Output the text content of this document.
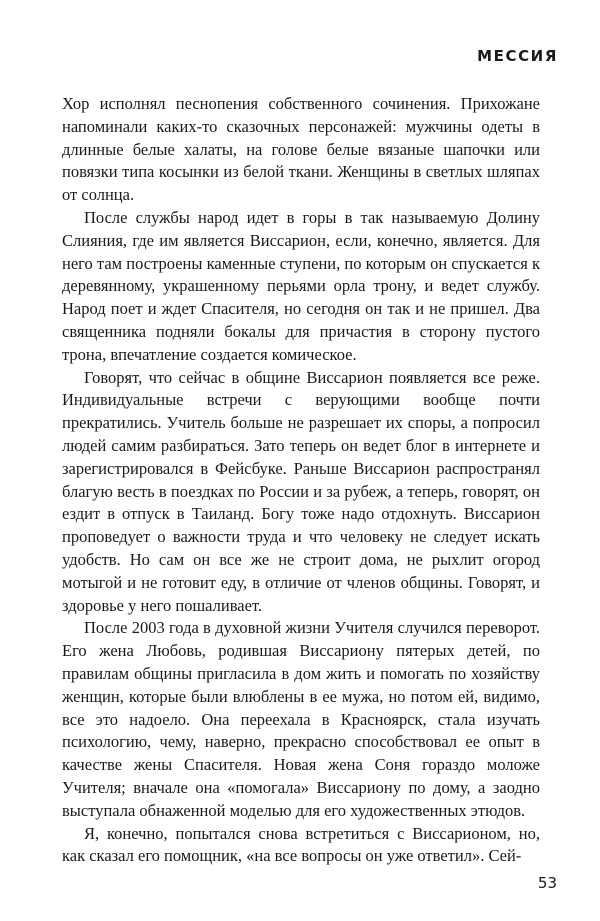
МЕССИЯ

Хор исполнял песнопения собственного сочинения. Прихожане напоминали каких-то сказочных персонажей: мужчины одеты в длинные белые халаты, на голове белые вязаные шапочки или повязки типа косынки из белой ткани. Женщины в светлых шляпах от солнца.

После службы народ идет в горы в так называемую Долину Слияния, где им является Виссарион, если, конечно, является. Для него там построены каменные ступени, по которым он спускается к деревянному, украшенному перьями орла трону, и ведет службу. Народ поет и ждет Спасителя, но сегодня он так и не пришел. Два священника подняли бокалы для причастия в сторону пустого трона, впечатление создается комическое.

Говорят, что сейчас в общине Виссарион появляется все реже. Индивидуальные встречи с верующими вообще почти прекратились. Учитель больше не разрешает их споры, а попросил людей самим разбираться. Зато теперь он ведет блог в интернете и зарегистрировался в Фейсбуке. Раньше Виссарион распространял благую весть в поездках по России и за рубеж, а теперь, говорят, он ездит в отпуск в Таиланд. Богу тоже надо отдохнуть. Виссарион проповедует о важности труда и что человеку не следует искать удобств. Но сам он все же не строит дома, не рыхлит огород мотыгой и не готовит еду, в отличие от членов общины. Говорят, и здоровье у него пошаливает.

После 2003 года в духовной жизни Учителя случился переворот. Его жена Любовь, родившая Виссариону пятерых детей, по правилам общины пригласила в дом жить и помогать по хозяйству женщин, которые были влюблены в ее мужа, но потом ей, видимо, все это надоело. Она переехала в Красноярск, стала изучать психологию, чему, наверно, прекрасно способствовал ее опыт в качестве жены Спасителя. Новая жена Соня гораздо моложе Учителя; вначале она «помогала» Виссариону по дому, а заодно выступала обнаженной моделью для его художественных этюдов.

Я, конечно, попытался снова встретиться с Виссарионом, но, как сказал его помощник, «на все вопросы он уже ответил». Сей-

53
